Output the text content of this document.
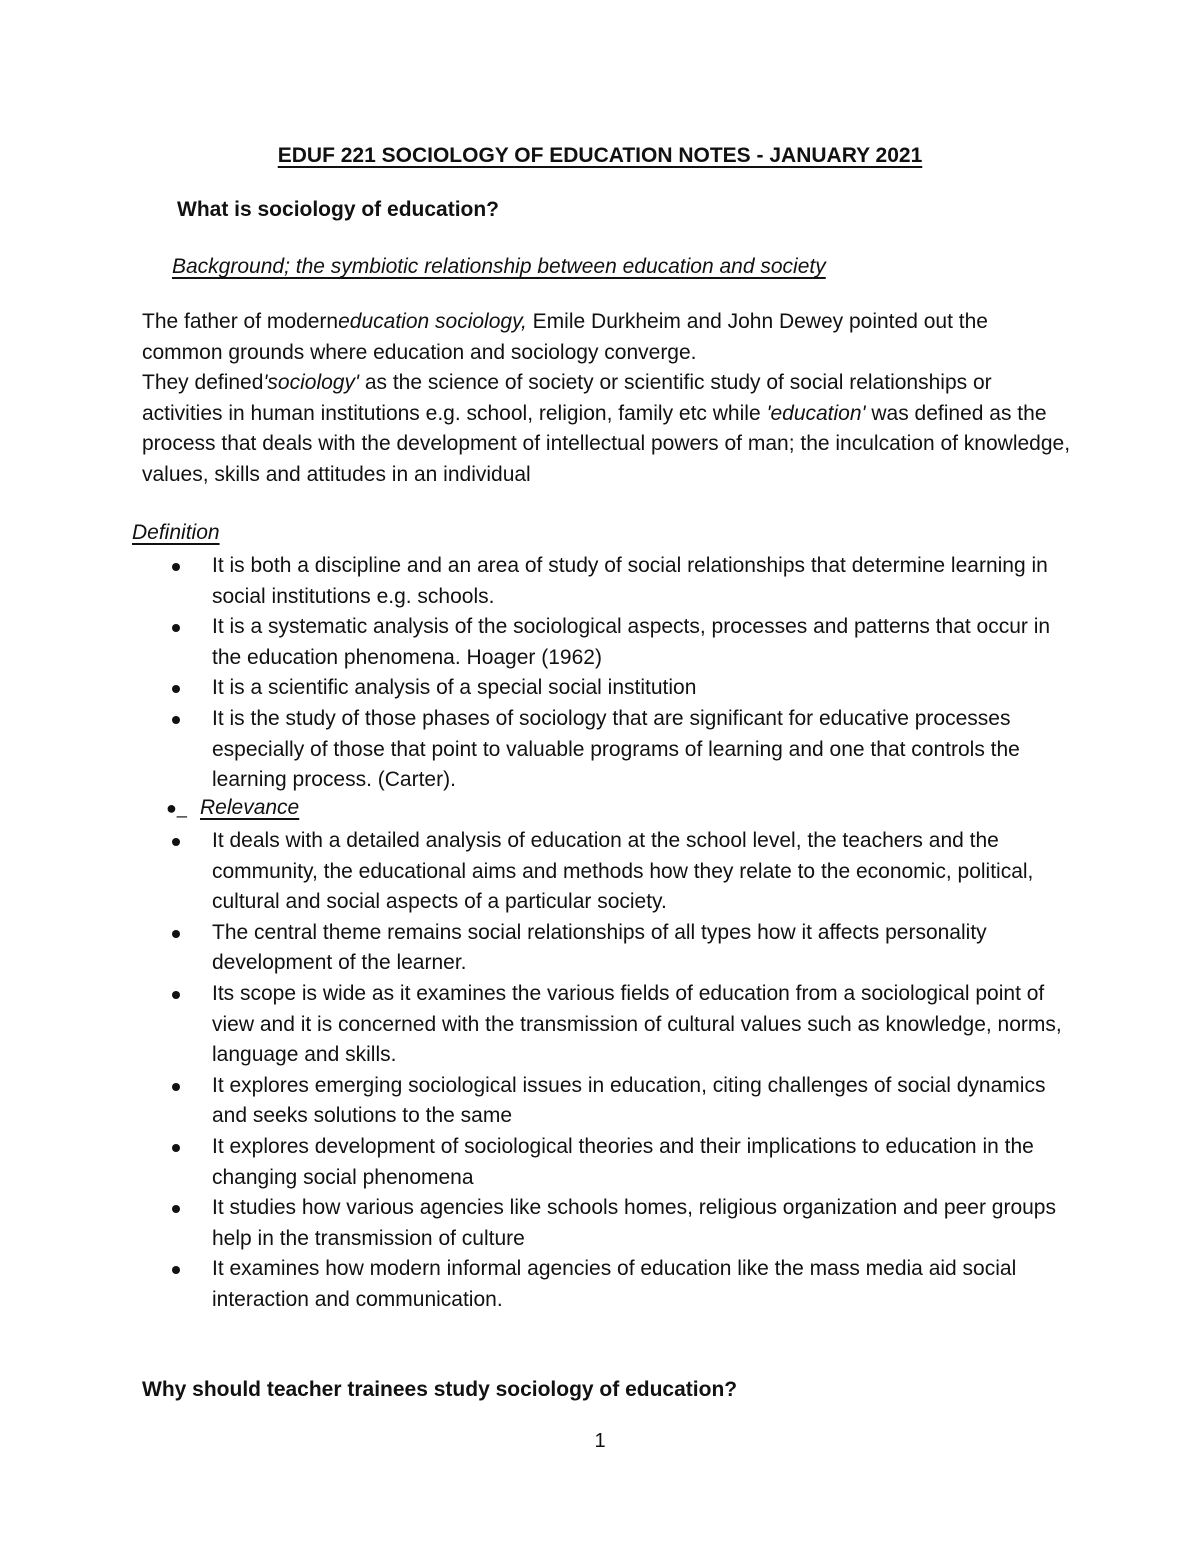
EDUF 221 SOCIOLOGY OF EDUCATION NOTES - JANUARY 2021
What is sociology of education?
Background; the symbiotic relationship between education and society

The father of moderneducation sociology, Emile Durkheim and John Dewey pointed out the common grounds where education and sociology converge.

They defined'sociology' as the science of society or scientific study of social relationships or activities in human institutions e.g. school, religion, family etc while 'education' was defined as the process that deals with the development of intellectual powers of man; the inculcation of knowledge, values, skills and attitudes in an individual

Definition
It is both a discipline and an area of study of social relationships that determine learning in social institutions e.g. schools.
It is a systematic analysis of the sociological aspects, processes and patterns that occur in the education phenomena. Hoager (1962)
It is a scientific analysis of a special social institution
It is the study of those phases of sociology that are significant for educative processes especially of those that point to valuable programs of learning and one that controls the learning process. (Carter).
●_ Relevance
It deals with a detailed analysis of education at the school level, the teachers and the community, the educational aims and methods how they relate to the economic, political, cultural and social aspects of a particular society.
The central theme remains social relationships of all types how it affects personality development of the learner.
Its scope is wide as it examines the various fields of education from a sociological point of view and it is concerned with the transmission of cultural values such as knowledge, norms, language and skills.
It explores emerging sociological issues in education, citing challenges of social dynamics and seeks solutions to the same
It explores development of sociological theories and their implications to education in the changing social phenomena
It studies how various agencies like schools homes, religious organization and peer groups help in the transmission of culture
It examines how modern informal agencies of education like the mass media aid social interaction and communication.
Why should teacher trainees study sociology of education?
1
